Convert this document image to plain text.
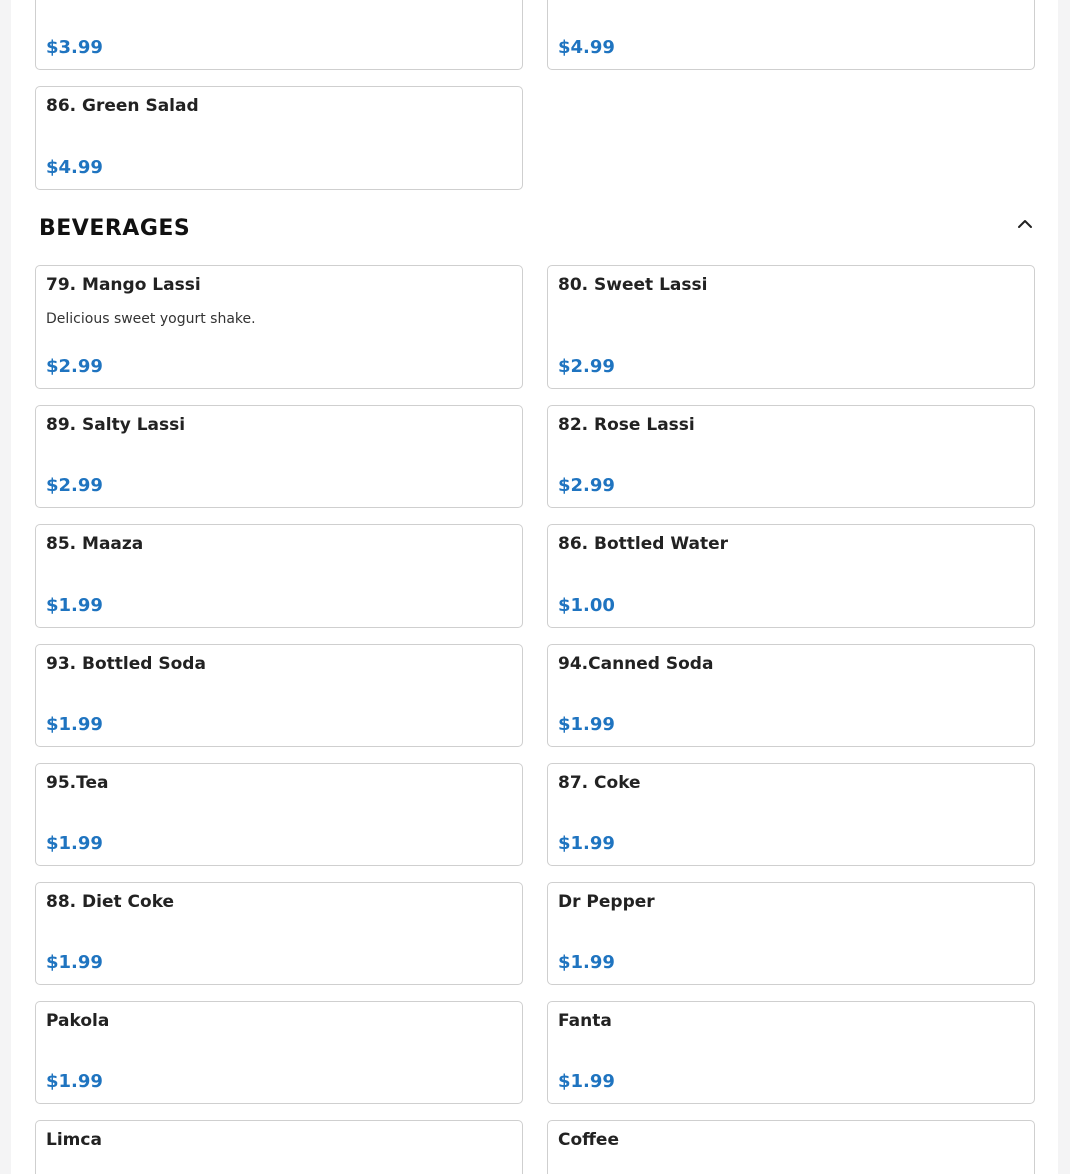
$3.99	$4.99
86. Green Salad
$4.99
BEVERAGES
79. Mango Lassi
Delicious sweet yogurt shake.
$2.99
80. Sweet Lassi
$2.99
89. Salty Lassi
$2.99
82. Rose Lassi
$2.99
85. Maaza
$1.99
86. Bottled Water
$1.00
93. Bottled Soda
$1.99
94.Canned Soda
$1.99
95.Tea
$1.99
87. Coke
$1.99
88. Diet Coke
$1.99
Dr Pepper
$1.99
Pakola
$1.99
Fanta
$1.99
Limca	Coffee
